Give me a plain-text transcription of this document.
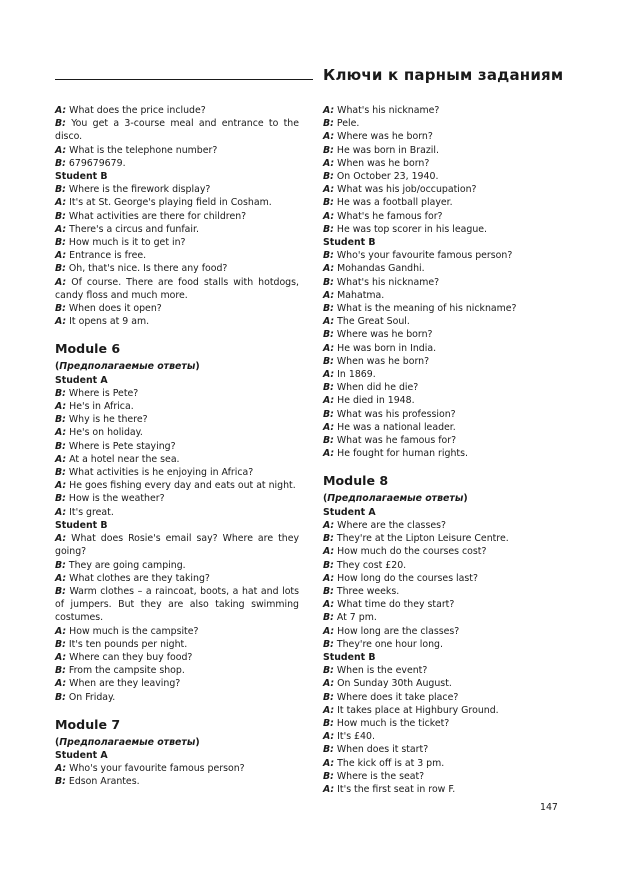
Ключи к парным заданиям
A: What does the price include?
B: You get a 3-course meal and entrance to the disco.
A: What is the telephone number?
B: 679679679.
Student B
B: Where is the firework display?
A: It's at St. George's playing field in Cosham.
B: What activities are there for children?
A: There's a circus and funfair.
B: How much is it to get in?
A: Entrance is free.
B: Oh, that's nice. Is there any food?
A: Of course. There are food stalls with hotdogs, candy floss and much more.
B: When does it open?
A: It opens at 9 am.
Module 6
(Предполагаемые ответы)
Student A
B: Where is Pete?
A: He's in Africa.
B: Why is he there?
A: He's on holiday.
B: Where is Pete staying?
A: At a hotel near the sea.
B: What activities is he enjoying in Africa?
A: He goes fishing every day and eats out at night.
B: How is the weather?
A: It's great.
Student B
A: What does Rosie's email say? Where are they going?
B: They are going camping.
A: What clothes are they taking?
B: Warm clothes – a raincoat, boots, a hat and lots of jumpers. But they are also taking swimming costumes.
A: How much is the campsite?
B: It's ten pounds per night.
A: Where can they buy food?
B: From the campsite shop.
A: When are they leaving?
B: On Friday.
Module 7
(Предполагаемые ответы)
Student A
A: Who's your favourite famous person?
B: Edson Arantes.
A: What's his nickname?
B: Pele.
A: Where was he born?
B: He was born in Brazil.
A: When was he born?
B: On October 23, 1940.
A: What was his job/occupation?
B: He was a football player.
A: What's he famous for?
B: He was top scorer in his league.
Student B
B: Who's your favourite famous person?
A: Mohandas Gandhi.
B: What's his nickname?
A: Mahatma.
B: What is the meaning of his nickname?
A: The Great Soul.
B: Where was he born?
A: He was born in India.
B: When was he born?
A: In 1869.
B: When did he die?
A: He died in 1948.
B: What was his profession?
A: He was a national leader.
B: What was he famous for?
A: He fought for human rights.
Module 8
(Предполагаемые ответы)
Student A
A: Where are the classes?
B: They're at the Lipton Leisure Centre.
A: How much do the courses cost?
B: They cost £20.
A: How long do the courses last?
B: Three weeks.
A: What time do they start?
B: At 7 pm.
A: How long are the classes?
B: They're one hour long.
Student B
B: When is the event?
A: On Sunday 30th August.
B: Where does it take place?
A: It takes place at Highbury Ground.
B: How much is the ticket?
A: It's £40.
B: When does it start?
A: The kick off is at 3 pm.
B: Where is the seat?
A: It's the first seat in row F.
147
